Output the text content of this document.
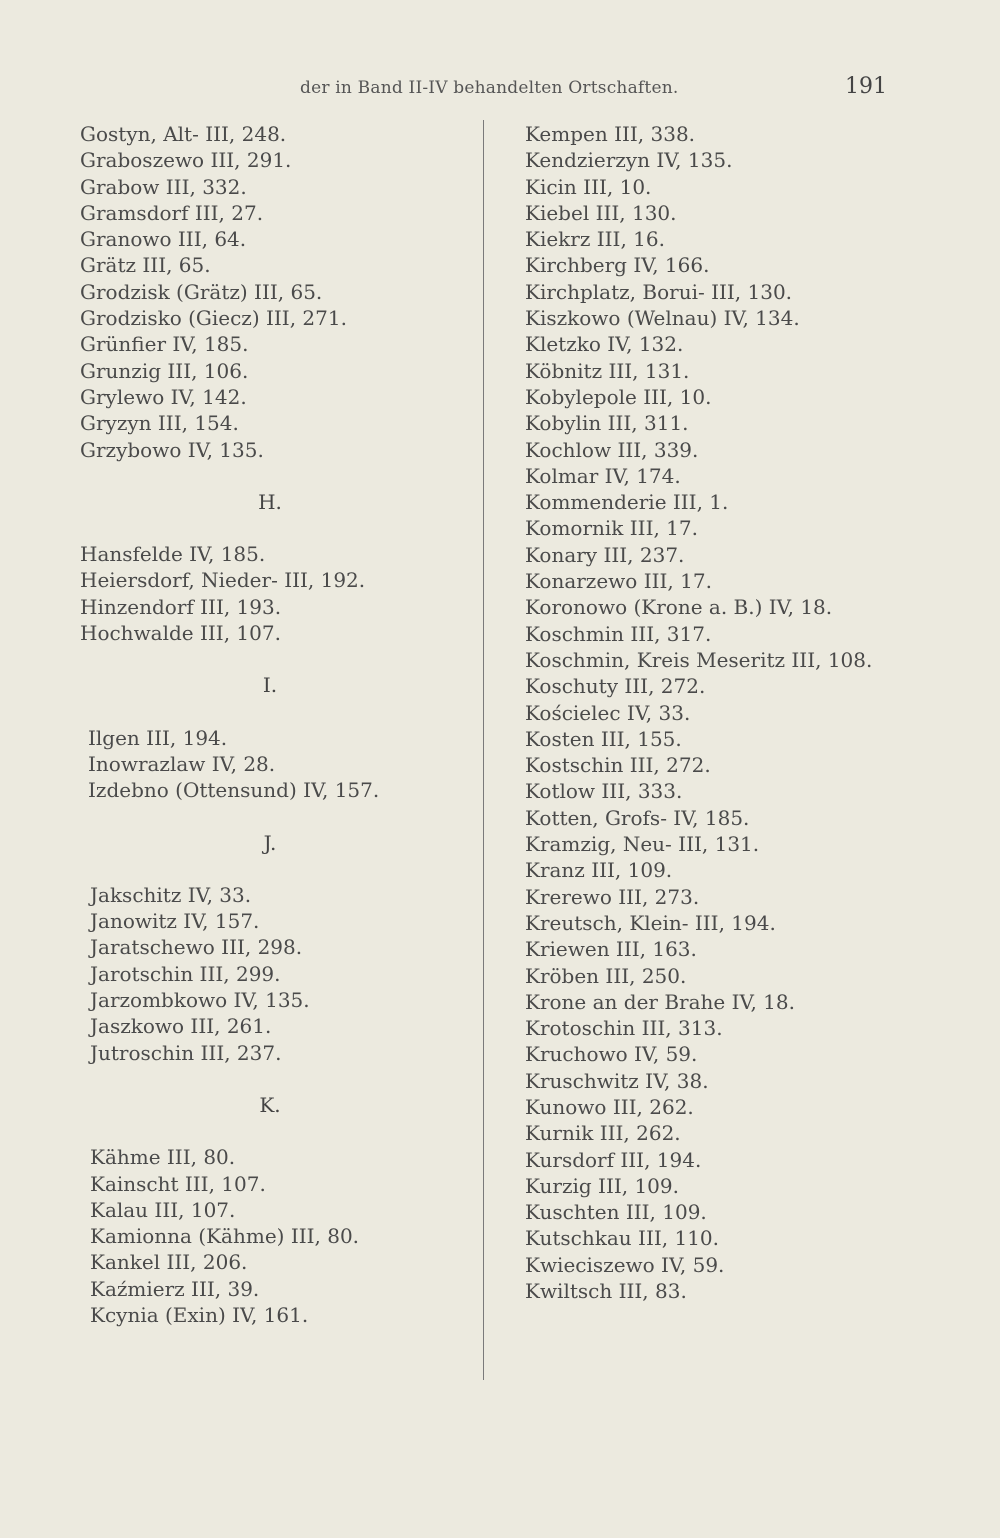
der in Band II-IV behandelten Ortschaften.	191
Gostyn, Alt- III, 248.
Graboszewo III, 291.
Grabow III, 332.
Gramsdorf III, 27.
Granowo III, 64.
Grätz III, 65.
Grodzisk (Grätz) III, 65.
Grodzisko (Giecz) III, 271.
Grünfier IV, 185.
Grunzig III, 106.
Grylewo IV, 142.
Gryzyn III, 154.
Grzybowo IV, 135.
H.
Hansfelde IV, 185.
Heiersdorf, Nieder- III, 192.
Hinzendorf III, 193.
Hochwalde III, 107.
I.
Ilgen III, 194.
Inowrazlaw IV, 28.
Izdebno (Ottensund) IV, 157.
J.
Jakschitz IV, 33.
Janowitz IV, 157.
Jaratschewo III, 298.
Jarotschin III, 299.
Jarzombkowo IV, 135.
Jaszkowo III, 261.
Jutroschin III, 237.
K.
Kähme III, 80.
Kainscht III, 107.
Kalau III, 107.
Kamionna (Kähme) III, 80.
Kankel III, 206.
Kaźmierz III, 39.
Kcynia (Exin) IV, 161.
Kempen III, 338.
Kendzierzyn IV, 135.
Kicin III, 10.
Kiebel III, 130.
Kiekrz III, 16.
Kirchberg IV, 166.
Kirchplatz, Borui- III, 130.
Kiszkowo (Welnau) IV, 134.
Kletzko IV, 132.
Köbnitz III, 131.
Kobylepole III, 10.
Kobylin III, 311.
Kochlow III, 339.
Kolmar IV, 174.
Kommenderie III, 1.
Komornik III, 17.
Konary III, 237.
Konarzewo III, 17.
Koronowo (Krone a. B.) IV, 18.
Koschmin III, 317.
Koschmin, Kreis Meseritz III, 108.
Koschuty III, 272.
Kościelec IV, 33.
Kosten III, 155.
Kostschin III, 272.
Kotlow III, 333.
Kotten, Grofs- IV, 185.
Kramzig, Neu- III, 131.
Kranz III, 109.
Krerewo III, 273.
Kreutsch, Klein- III, 194.
Kriewen III, 163.
Kröben III, 250.
Krone an der Brahe IV, 18.
Krotoschin III, 313.
Kruchowo IV, 59.
Kruschwitz IV, 38.
Kunowo III, 262.
Kurnik III, 262.
Kursdorf III, 194.
Kurzig III, 109.
Kuschten III, 109.
Kutschkau III, 110.
Kwieciszewo IV, 59.
Kwiltsch III, 83.
